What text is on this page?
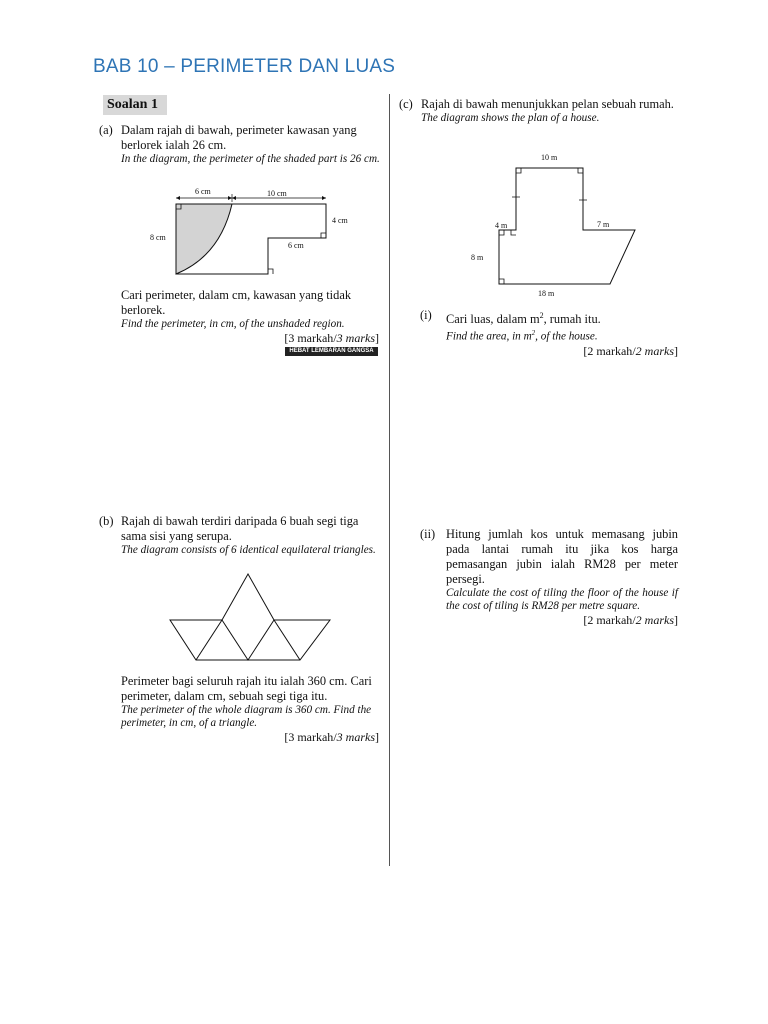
BAB 10 – PERIMETER DAN LUAS
Soalan 1
(a) Dalam rajah di bawah, perimeter kawasan yang berlorek ialah 26 cm.
In the diagram, the perimeter of the shaded part is 26 cm.
6 cm	10 cm
8 cm
4 cm
6 cm
Cari perimeter, dalam cm, kawasan yang tidak berlorek.
Find the perimeter, in cm, of the unshaded region.
[3 markah/3 marks]
HEBAT LEMBARAN GANGSA
(b) Rajah di bawah terdiri daripada 6 buah segi tiga sama sisi yang serupa.
The diagram consists of 6 identical equilateral triangles.
Perimeter bagi seluruh rajah itu ialah 360 cm. Cari perimeter, dalam cm, sebuah segi tiga itu.
The perimeter of the whole diagram is 360 cm. Find the perimeter, in cm, of a triangle.
[3 markah/3 marks]
(c) Rajah di bawah menunjukkan pelan sebuah rumah.
The diagram shows the plan of a house.
10 m
4 m	7 m
8 m
18 m
(i)	Cari luas, dalam $m^2$, rumah itu.
Find the area, in $m^2$, of the house.
[2 markah/2 marks]
(ii) Hitung jumlah kos untuk memasang jubin pada lantai rumah itu jika kos harga pemasangan jubin ialah RM28 per meter persegi.
Calculate the cost of tiling the floor of the house if the cost of tiling is RM28 per metre square.
[2 markah/2 marks]
